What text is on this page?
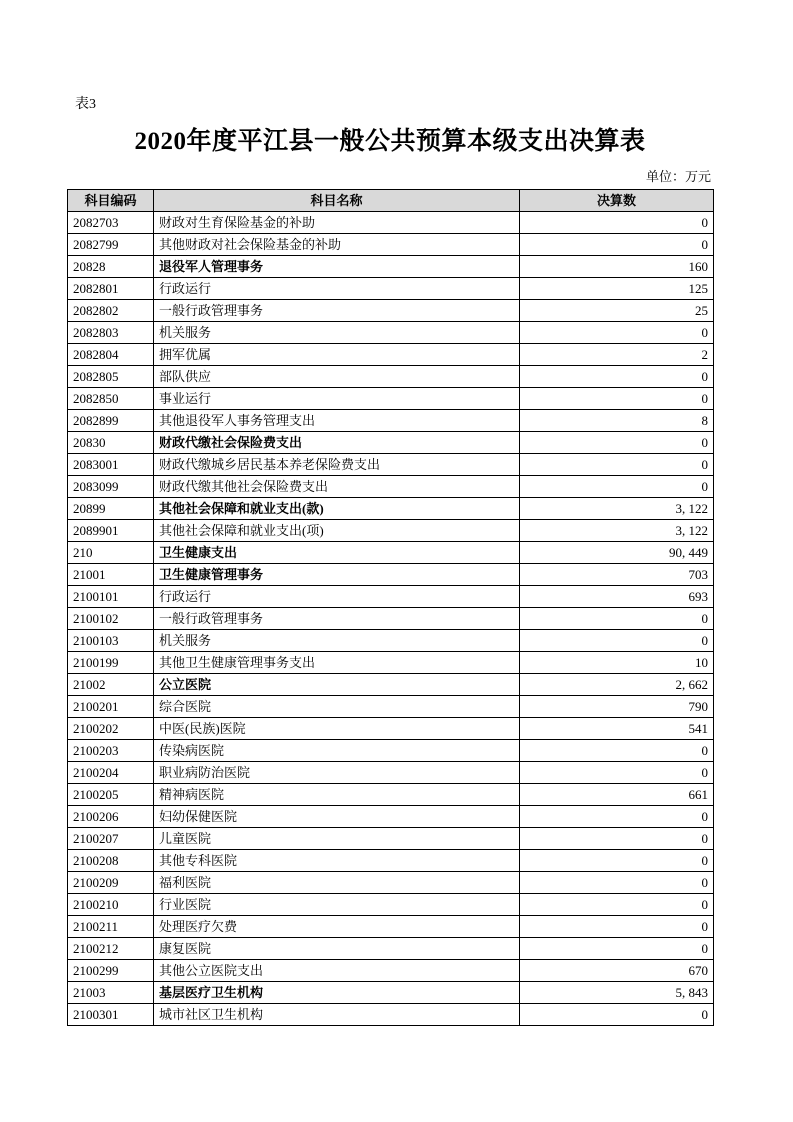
表3
2020年度平江县一般公共预算本级支出决算表
单位：万元
科目编码	科目名称	决算数
2082703	财政对生育保险基金的补助	0
2082799	其他财政对社会保险基金的补助	0
20828	退役军人管理事务	160
2082801	行政运行	125
2082802	一般行政管理事务	25
2082803	机关服务	0
2082804	拥军优属	2
2082805	部队供应	0
2082850	事业运行	0
2082899	其他退役军人事务管理支出	8
20830	财政代缴社会保险费支出	0
2083001	财政代缴城乡居民基本养老保险费支出	0
2083099	财政代缴其他社会保险费支出	0
20899	其他社会保障和就业支出(款)	3, 122
2089901	其他社会保障和就业支出(项)	3, 122
210	卫生健康支出	90, 449
21001	卫生健康管理事务	703
2100101	行政运行	693
2100102	一般行政管理事务	0
2100103	机关服务	0
2100199	其他卫生健康管理事务支出	10
21002	公立医院	2, 662
2100201	综合医院	790
2100202	中医(民族)医院	541
2100203	传染病医院	0
2100204	职业病防治医院	0
2100205	精神病医院	661
2100206	妇幼保健医院	0
2100207	儿童医院	0
2100208	其他专科医院	0
2100209	福利医院	0
2100210	行业医院	0
2100211	处理医疗欠费	0
2100212	康复医院	0
2100299	其他公立医院支出	670
21003	基层医疗卫生机构	5, 843
2100301	城市社区卫生机构	0
